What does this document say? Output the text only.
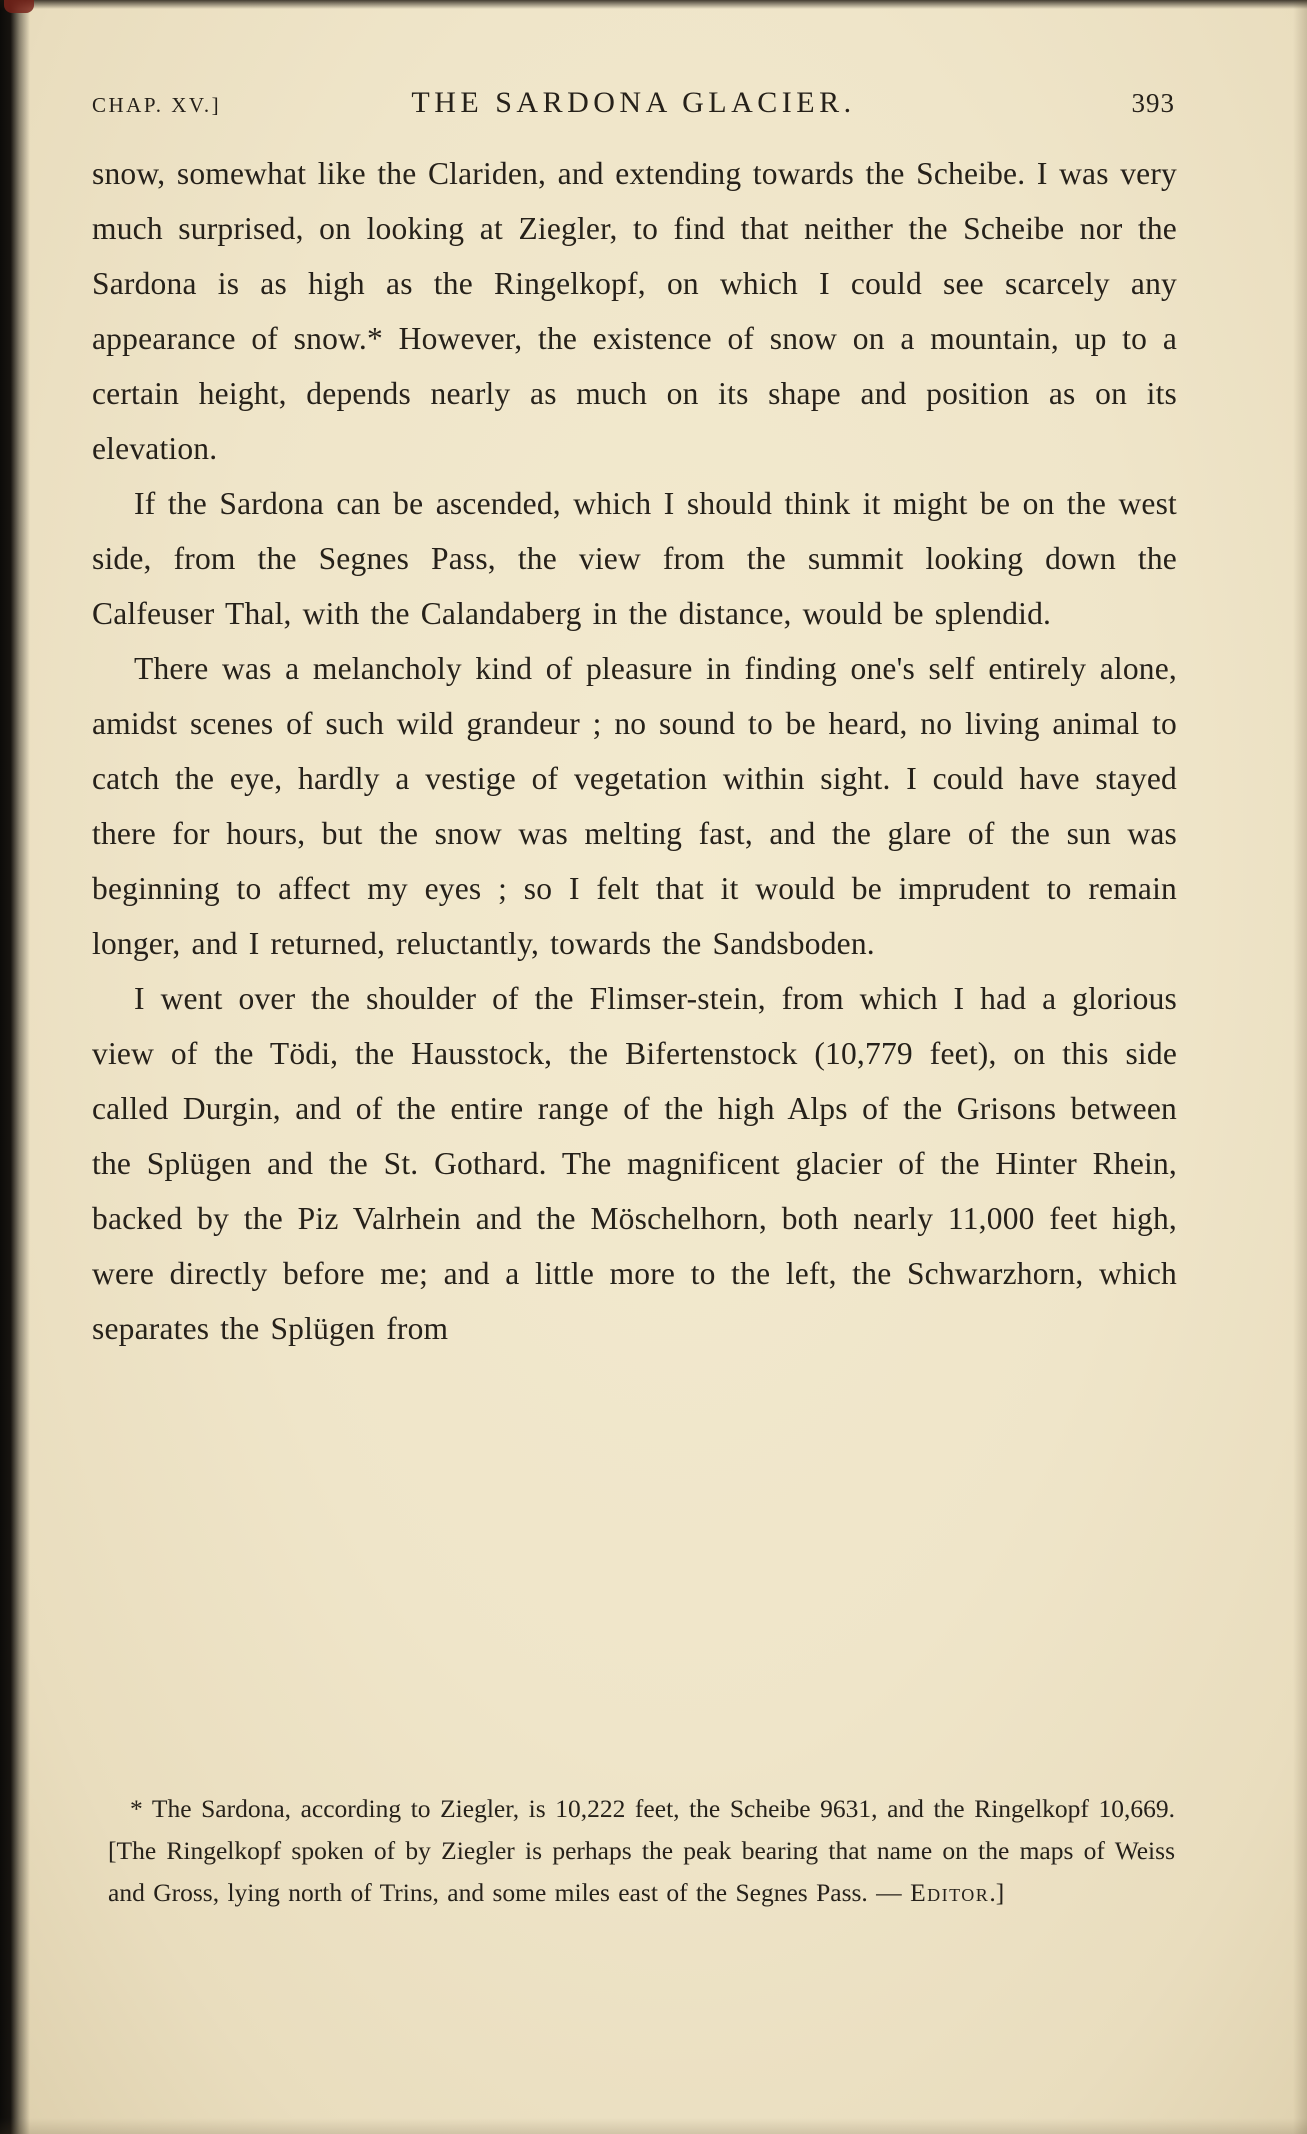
CHAP. XV.]	THE SARDONA GLACIER.	393

snow, somewhat like the Clariden, and extending towards the Scheibe. I was very much surprised, on looking at Ziegler, to find that neither the Scheibe nor the Sardona is as high as the Ringelkopf, on which I could see scarcely any appearance of snow.* However, the existence of snow on a mountain, up to a certain height, depends nearly as much on its shape and position as on its elevation.

If the Sardona can be ascended, which I should think it might be on the west side, from the Segnes Pass, the view from the summit looking down the Calfeuser Thal, with the Calandaberg in the distance, would be splendid.

There was a melancholy kind of pleasure in finding one's self entirely alone, amidst scenes of such wild grandeur ; no sound to be heard, no living animal to catch the eye, hardly a vestige of vegetation within sight. I could have stayed there for hours, but the snow was melting fast, and the glare of the sun was beginning to affect my eyes ; so I felt that it would be imprudent to remain longer, and I returned, reluctantly, towards the Sandsboden.

I went over the shoulder of the Flimser-stein, from which I had a glorious view of the Tödi, the Hausstock, the Bifertenstock (10,779 feet), on this side called Durgin, and of the entire range of the high Alps of the Grisons between the Splügen and the St. Gothard. The magnificent glacier of the Hinter Rhein, backed by the Piz Valrhein and the Möschelhorn, both nearly 11,000 feet high, were directly before me; and a little more to the left, the Schwarzhorn, which separates the Splügen from

* The Sardona, according to Ziegler, is 10,222 feet, the Scheibe 9631, and the Ringelkopf 10,669. [The Ringelkopf spoken of by Ziegler is perhaps the peak bearing that name on the maps of Weiss and Gross, lying north of Trins, and some miles east of the Segnes Pass. — Editor.]
